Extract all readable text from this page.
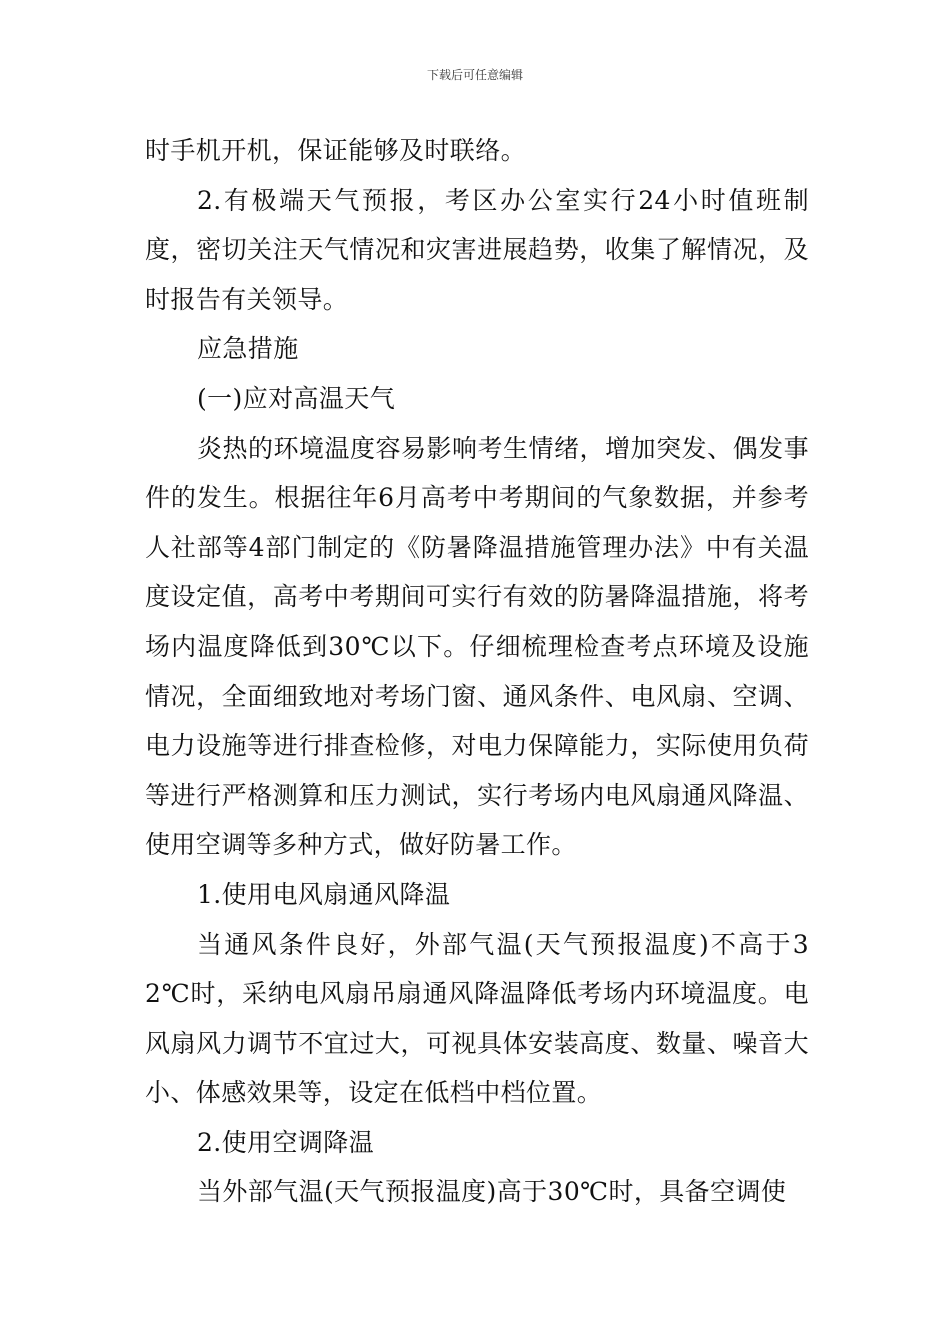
下载后可任意编辑

时手机开机，保证能够及时联络。

2.有极端天气预报，考区办公室实行24小时值班制度，密切关注天气情况和灾害进展趋势，收集了解情况，及时报告有关领导。

应急措施

(一)应对高温天气

炎热的环境温度容易影响考生情绪，增加突发、偶发事件的发生。根据往年6月高考中考期间的气象数据，并参考人社部等4部门制定的《防暑降温措施管理办法》中有关温度设定值，高考中考期间可实行有效的防暑降温措施，将考场内温度降低到30℃以下。仔细梳理检查考点环境及设施情况，全面细致地对考场门窗、通风条件、电风扇、空调、电力设施等进行排查检修，对电力保障能力，实际使用负荷等进行严格测算和压力测试，实行考场内电风扇通风降温、使用空调等多种方式，做好防暑工作。

1.使用电风扇通风降温

当通风条件良好，外部气温(天气预报温度)不高于32℃时，采纳电风扇吊扇通风降温降低考场内环境温度。电风扇风力调节不宜过大，可视具体安装高度、数量、噪音大小、体感效果等，设定在低档中档位置。

2.使用空调降温

当外部气温(天气预报温度)高于30℃时，具备空调使
